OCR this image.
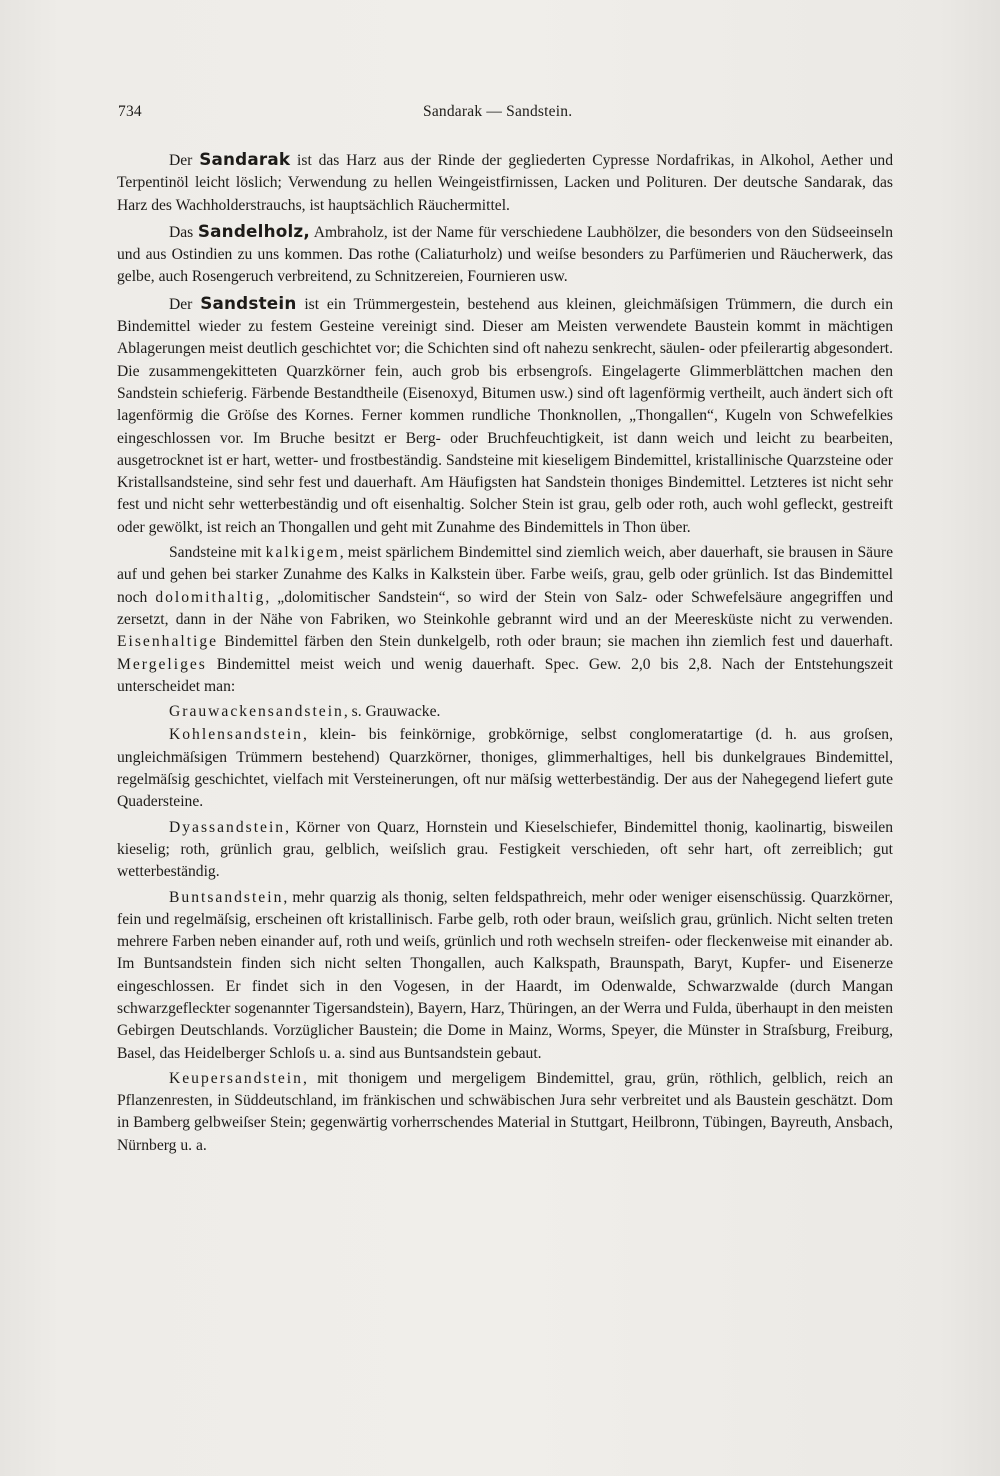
734	Sandarak — Sandstein.

Der Sandarak ist das Harz aus der Rinde der gegliederten Cypresse Nordafrikas, in Alkohol, Aether und Terpentinöl leicht löslich; Verwendung zu hellen Weingeistfirnissen, Lacken und Polituren. Der deutsche Sandarak, das Harz des Wachholderstrauchs, ist hauptsächlich Räuchermittel.

Das Sandelholz, Ambraholz, ist der Name für verschiedene Laubhölzer, die besonders von den Südseeinseln und aus Ostindien zu uns kommen. Das rothe (Caliaturholz) und weiſse besonders zu Parfümerien und Räucherwerk, das gelbe, auch Rosengeruch verbreitend, zu Schnitzereien, Fournieren usw.

Der Sandstein ist ein Trümmergestein, bestehend aus kleinen, gleichmäſsigen Trümmern, die durch ein Bindemittel wieder zu festem Gesteine vereinigt sind. Dieser am Meisten verwendete Baustein kommt in mächtigen Ablagerungen meist deutlich geschichtet vor; die Schichten sind oft nahezu senkrecht, säulen- oder pfeilerartig abgesondert. Die zusammengekitteten Quarzkörner fein, auch grob bis erbsengroſs. Eingelagerte Glimmerblättchen machen den Sandstein schieferig. Färbende Bestandtheile (Eisenoxyd, Bitumen usw.) sind oft lagenförmig vertheilt, auch ändert sich oft lagenförmig die Gröſse des Kornes. Ferner kommen rundliche Thonknollen, „Thongallen“, Kugeln von Schwefelkies eingeschlossen vor. Im Bruche besitzt er Berg- oder Bruchfeuchtigkeit, ist dann weich und leicht zu bearbeiten, ausgetrocknet ist er hart, wetter- und frostbeständig. Sandsteine mit kieseligem Bindemittel, kristallinische Quarzsteine oder Kristallsandsteine, sind sehr fest und dauerhaft. Am Häufigsten hat Sandstein thoniges Bindemittel. Letzteres ist nicht sehr fest und nicht sehr wetterbeständig und oft eisenhaltig. Solcher Stein ist grau, gelb oder roth, auch wohl gefleckt, gestreift oder gewölkt, ist reich an Thongallen und geht mit Zunahme des Bindemittels in Thon über.

Sandsteine mit kalkigem, meist spärlichem Bindemittel sind ziemlich weich, aber dauerhaft, sie brausen in Säure auf und gehen bei starker Zunahme des Kalks in Kalkstein über. Farbe weiſs, grau, gelb oder grünlich. Ist das Bindemittel noch dolomithaltig, „dolomitischer Sandstein“, so wird der Stein von Salz- oder Schwefelsäure angegriffen und zersetzt, dann in der Nähe von Fabriken, wo Steinkohle gebrannt wird und an der Meeresküste nicht zu verwenden. Eisenhaltige Bindemittel färben den Stein dunkelgelb, roth oder braun; sie machen ihn ziemlich fest und dauerhaft. Mergeliges Bindemittel meist weich und wenig dauerhaft. Spec. Gew. 2,0 bis 2,8. Nach der Entstehungszeit unterscheidet man:

Grauwackensandstein, s. Grauwacke.

Kohlensandstein, klein- bis feinkörnige, grobkörnige, selbst conglomeratartige (d. h. aus groſsen, ungleichmäſsigen Trümmern bestehend) Quarzkörner, thoniges, glimmerhaltiges, hell bis dunkelgraues Bindemittel, regelmäſsig geschichtet, vielfach mit Versteinerungen, oft nur mäſsig wetterbeständig. Der aus der Nahegegend liefert gute Quadersteine.

Dyassandstein, Körner von Quarz, Hornstein und Kieselschiefer, Bindemittel thonig, kaolinartig, bisweilen kieselig; roth, grünlich grau, gelblich, weiſslich grau. Festigkeit verschieden, oft sehr hart, oft zerreiblich; gut wetterbeständig.

Buntsandstein, mehr quarzig als thonig, selten feldspathreich, mehr oder weniger eisenschüssig. Quarzkörner, fein und regelmäſsig, erscheinen oft kristallinisch. Farbe gelb, roth oder braun, weiſslich grau, grünlich. Nicht selten treten mehrere Farben neben einander auf, roth und weiſs, grünlich und roth wechseln streifen- oder fleckenweise mit einander ab. Im Buntsandstein finden sich nicht selten Thongallen, auch Kalkspath, Braunspath, Baryt, Kupfer- und Eisenerze eingeschlossen. Er findet sich in den Vogesen, in der Haardt, im Odenwalde, Schwarzwalde (durch Mangan schwarzgefleckter sogenannter Tigersandstein), Bayern, Harz, Thüringen, an der Werra und Fulda, überhaupt in den meisten Gebirgen Deutschlands. Vorzüglicher Baustein; die Dome in Mainz, Worms, Speyer, die Münster in Straſsburg, Freiburg, Basel, das Heidelberger Schloſs u. a. sind aus Buntsandstein gebaut.

Keupersandstein, mit thonigem und mergeligem Bindemittel, grau, grün, röthlich, gelblich, reich an Pflanzenresten, in Süddeutschland, im fränkischen und schwäbischen Jura sehr verbreitet und als Baustein geschätzt. Dom in Bamberg gelbweiſser Stein; gegenwärtig vorherrschendes Material in Stuttgart, Heilbronn, Tübingen, Bayreuth, Ansbach, Nürnberg u. a.
